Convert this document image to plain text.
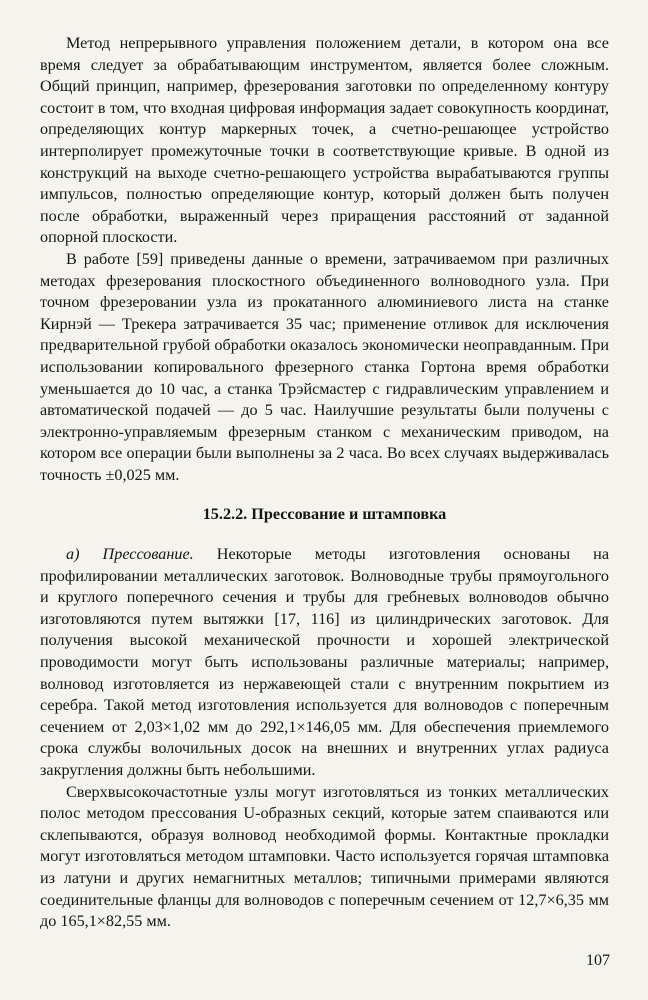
Метод непрерывного управления положением детали, в котором она все время следует за обрабатывающим инструментом, является более сложным. Общий принцип, например, фрезерования заготовки по определенному контуру состоит в том, что входная цифровая информация задает совокупность координат, определяющих контур маркерных точек, а счетно-решающее устройство интерполирует промежуточные точки в соответствующие кривые. В одной из конструкций на выходе счетно-решающего устройства вырабатываются группы импульсов, полностью определяющие контур, который должен быть получен после обработки, выраженный через приращения расстояний от заданной опорной плоскости.

В работе [59] приведены данные о времени, затрачиваемом при различных методах фрезерования плоскостного объединенного волноводного узла. При точном фрезеровании узла из прокатанного алюминиевого листа на станке Кирнэй — Трекера затрачивается 35 час; применение отливок для исключения предварительной грубой обработки оказалось экономически неоправданным. При использовании копировального фрезерного станка Гортона время обработки уменьшается до 10 час, а станка Трэйсмастер с гидравлическим управлением и автоматической подачей — до 5 час. Наилучшие результаты были получены с электронно-управляемым фрезерным станком с механическим приводом, на котором все операции были выполнены за 2 часа. Во всех случаях выдерживалась точность ±0,025 мм.

15.2.2. Прессование и штамповка

а) Прессование. Некоторые методы изготовления основаны на профилировании металлических заготовок. Волноводные трубы прямоугольного и круглого поперечного сечения и трубы для гребневых волноводов обычно изготовляются путем вытяжки [17, 116] из цилиндрических заготовок. Для получения высокой механической прочности и хорошей электрической проводимости могут быть использованы различные материалы; например, волновод изготовляется из нержавеющей стали с внутренним покрытием из серебра. Такой метод изготовления используется для волноводов с поперечным сечением от 2,03×1,02 мм до 292,1×146,05 мм. Для обеспечения приемлемого срока службы волочильных досок на внешних и внутренних углах радиуса закругления должны быть небольшими.

Сверхвысокочастотные узлы могут изготовляться из тонких металлических полос методом прессования U-образных секций, которые затем спаиваются или склепываются, образуя волновод необходимой формы. Контактные прокладки могут изготовляться методом штамповки. Часто используется горячая штамповка из латуни и других немагнитных металлов; типичными примерами являются соединительные фланцы для волноводов с поперечным сечением от 12,7×6,35 мм до 165,1×82,55 мм.

107
